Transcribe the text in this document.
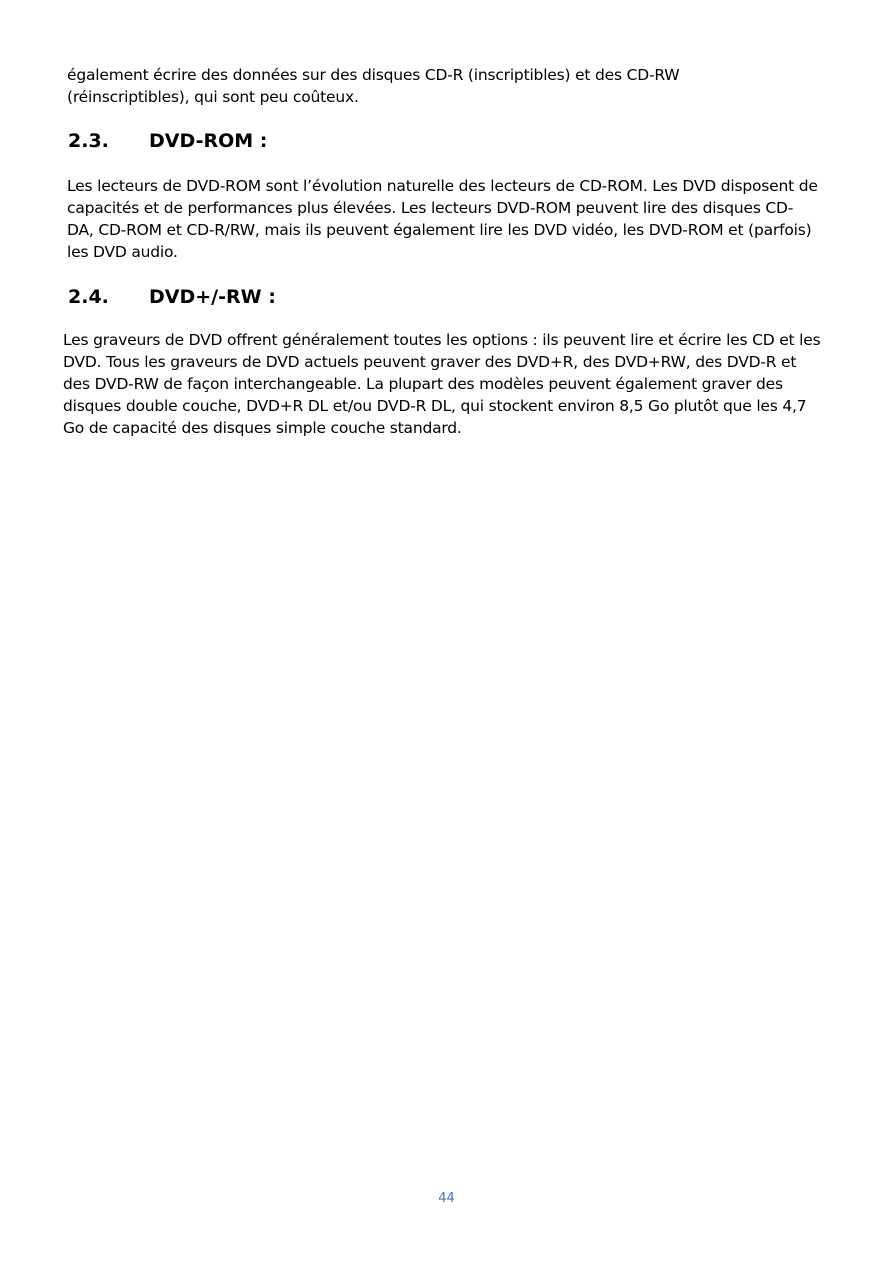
également écrire des données sur des disques CD-R (inscriptibles) et des CD-RW (réinscriptibles), qui sont peu coûteux.

2.3.	DVD-ROM :

Les lecteurs de DVD-ROM sont l’évolution naturelle des lecteurs de CD-ROM. Les DVD disposent de capacités et de performances plus élevées. Les lecteurs DVD-ROM peuvent lire des disques CD-DA, CD-ROM et CD-R/RW, mais ils peuvent également lire les DVD vidéo, les DVD-ROM et (parfois) les DVD audio.

2.4.	DVD+/-RW :

Les graveurs de DVD offrent généralement toutes les options : ils peuvent lire et écrire les CD et les DVD. Tous les graveurs de DVD actuels peuvent graver des DVD+R, des DVD+RW, des DVD-R et des DVD-RW de façon interchangeable. La plupart des modèles peuvent également graver des disques double couche, DVD+R DL et/ou DVD-R DL, qui stockent environ 8,5 Go plutôt que les 4,7 Go de capacité des disques simple couche standard.

44
